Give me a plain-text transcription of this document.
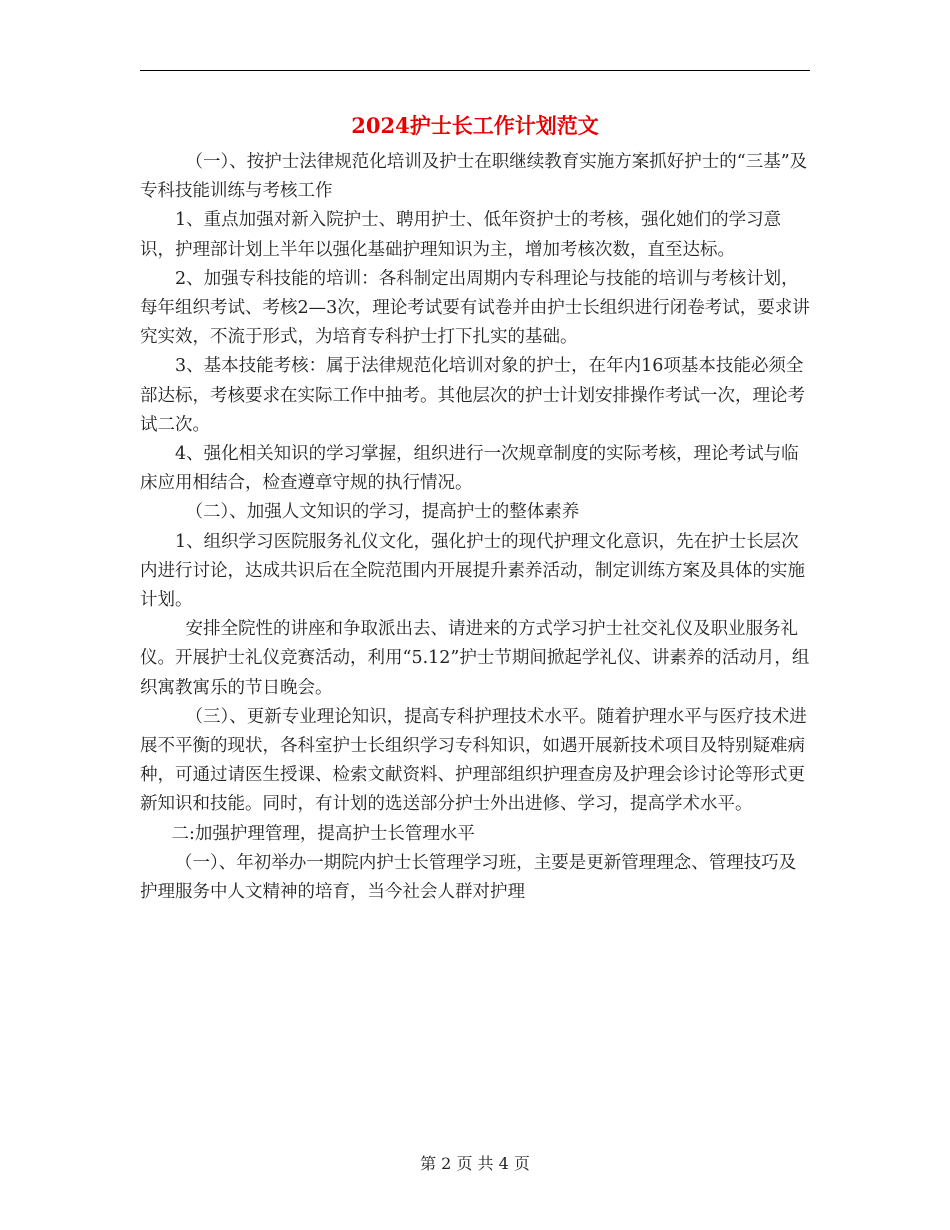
2024护士长工作计划范文

（一）、按护士法律规范化培训及护士在职继续教育实施方案抓好护士的“三基”及专科技能训练与考核工作

1、重点加强对新入院护士、聘用护士、低年资护士的考核，强化她们的学习意识，护理部计划上半年以强化基础护理知识为主，增加考核次数，直至达标。

2、加强专科技能的培训：各科制定出周期内专科理论与技能的培训与考核计划，每年组织考试、考核2—3次，理论考试要有试卷并由护士长组织进行闭卷考试，要求讲究实效，不流于形式，为培育专科护士打下扎实的基础。

3、基本技能考核：属于法律规范化培训对象的护士，在年内16项基本技能必须全部达标，考核要求在实际工作中抽考。其他层次的护士计划安排操作考试一次，理论考试二次。

4、强化相关知识的学习掌握，组织进行一次规章制度的实际考核，理论考试与临床应用相结合，检查遵章守规的执行情况。

（二）、加强人文知识的学习，提高护士的整体素养

1、组织学习医院服务礼仪文化，强化护士的现代护理文化意识，先在护士长层次内进行讨论，达成共识后在全院范围内开展提升素养活动，制定训练方案及具体的实施计划。

安排全院性的讲座和争取派出去、请进来的方式学习护士社交礼仪及职业服务礼仪。开展护士礼仪竞赛活动，利用“5.12”护士节期间掀起学礼仪、讲素养的活动月，组织寓教寓乐的节日晚会。

（三）、更新专业理论知识，提高专科护理技术水平。随着护理水平与医疗技术进展不平衡的现状，各科室护士长组织学习专科知识，如遇开展新技术项目及特别疑难病种，可通过请医生授课、检索文献资料、护理部组织护理查房及护理会诊讨论等形式更新知识和技能。同时，有计划的选送部分护士外出进修、学习，提高学术水平。

二:加强护理管理，提高护士长管理水平

（一）、年初举办一期院内护士长管理学习班，主要是更新管理理念、管理技巧及护理服务中人文精神的培育，当今社会人群对护理

第 2 页 共 4 页
